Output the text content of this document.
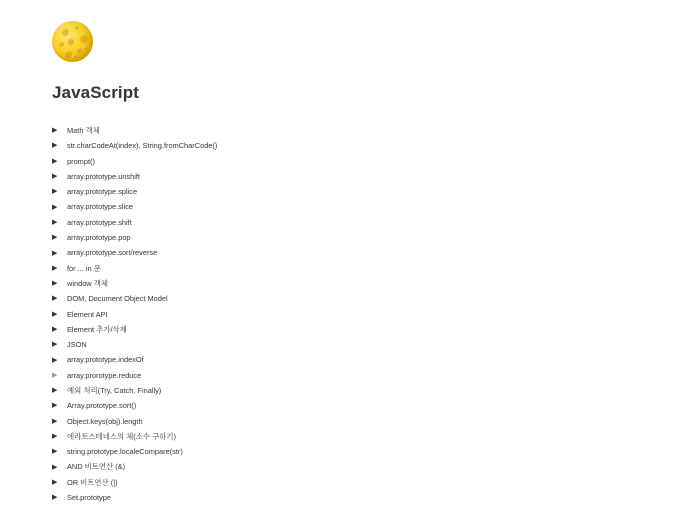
JavaScript
▶	Math 객체
▶	str.charCodeAt(index), String.fromCharCode()
▶	prompt()
▶	array.prototype.unshift
▶	array.prototype.splice
▶	array.prototype.slice
▶	array.prototype.shift
▶	array.prototype.pop
▶	array.prototype.sort/reverse
▶	for ... in 문
▶	window 객체
▶	DOM, Document Object Model
▶	Element API
▶	Element 추가/삭제
▶	JSON
▶	array.prototype.indexOf
▶	array.prorotype.reduce
▶	예외 처리(Try, Catch, Finally)
▶	Array.prototype.sort()
▶	Object.keys(obj).length
▶	에라토스테네스의 체(소수 구하기)
▶	string.prototype.localeCompare(str)
▶	AND 비트연산 (&)
▶	OR 비트연산 (|)
▶	Set.prototype
